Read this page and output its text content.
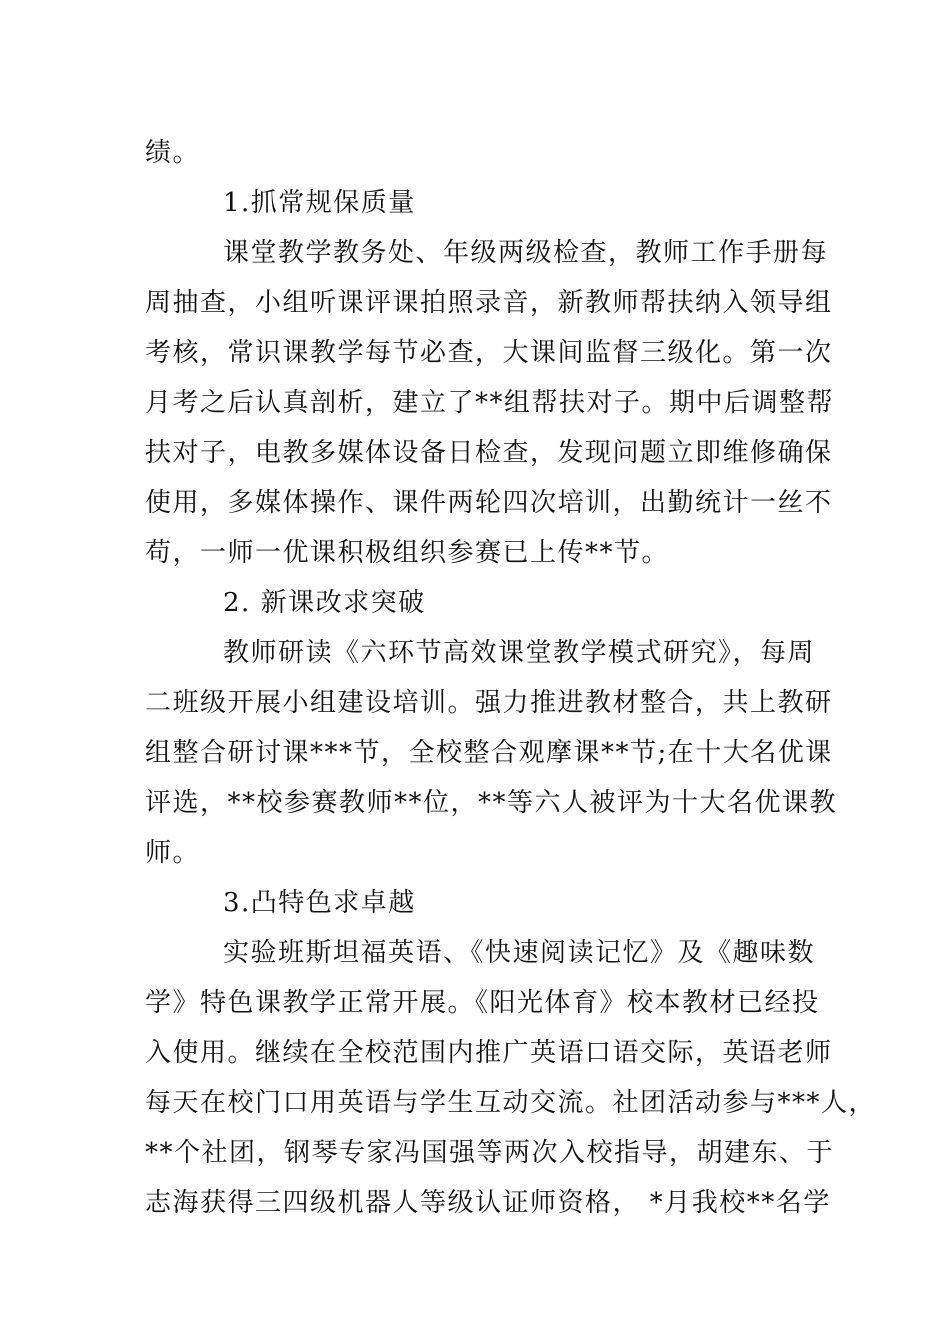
绩。
1.抓常规保质量
课堂教学教务处、年级两级检查，教师工作手册每
周抽查，小组听课评课拍照录音，新教师帮扶纳入领导组
考核，常识课教学每节必查，大课间监督三级化。第一次
月考之后认真剖析，建立了**组帮扶对子。期中后调整帮
扶对子，电教多媒体设备日检查，发现问题立即维修确保
使用，多媒体操作、课件两轮四次培训，出勤统计一丝不
苟，一师一优课积极组织参赛已上传**节。
2. 新课改求突破
教师研读《六环节高效课堂教学模式研究》，每周
二班级开展小组建设培训。强力推进教材整合，共上教研
组整合研讨课***节，全校整合观摩课**节;在十大名优课
评选，**校参赛教师**位，**等六人被评为十大名优课教
师。
3.凸特色求卓越
实验班斯坦福英语、《快速阅读记忆》及《趣味数
学》特色课教学正常开展。《阳光体育》校本教材已经投
入使用。继续在全校范围内推广英语口语交际，英语老师
每天在校门口用英语与学生互动交流。社团活动参与***人，
**个社团，钢琴专家冯国强等两次入校指导，胡建东、于
志海获得三四级机器人等级认证师资格， *月我校**名学
